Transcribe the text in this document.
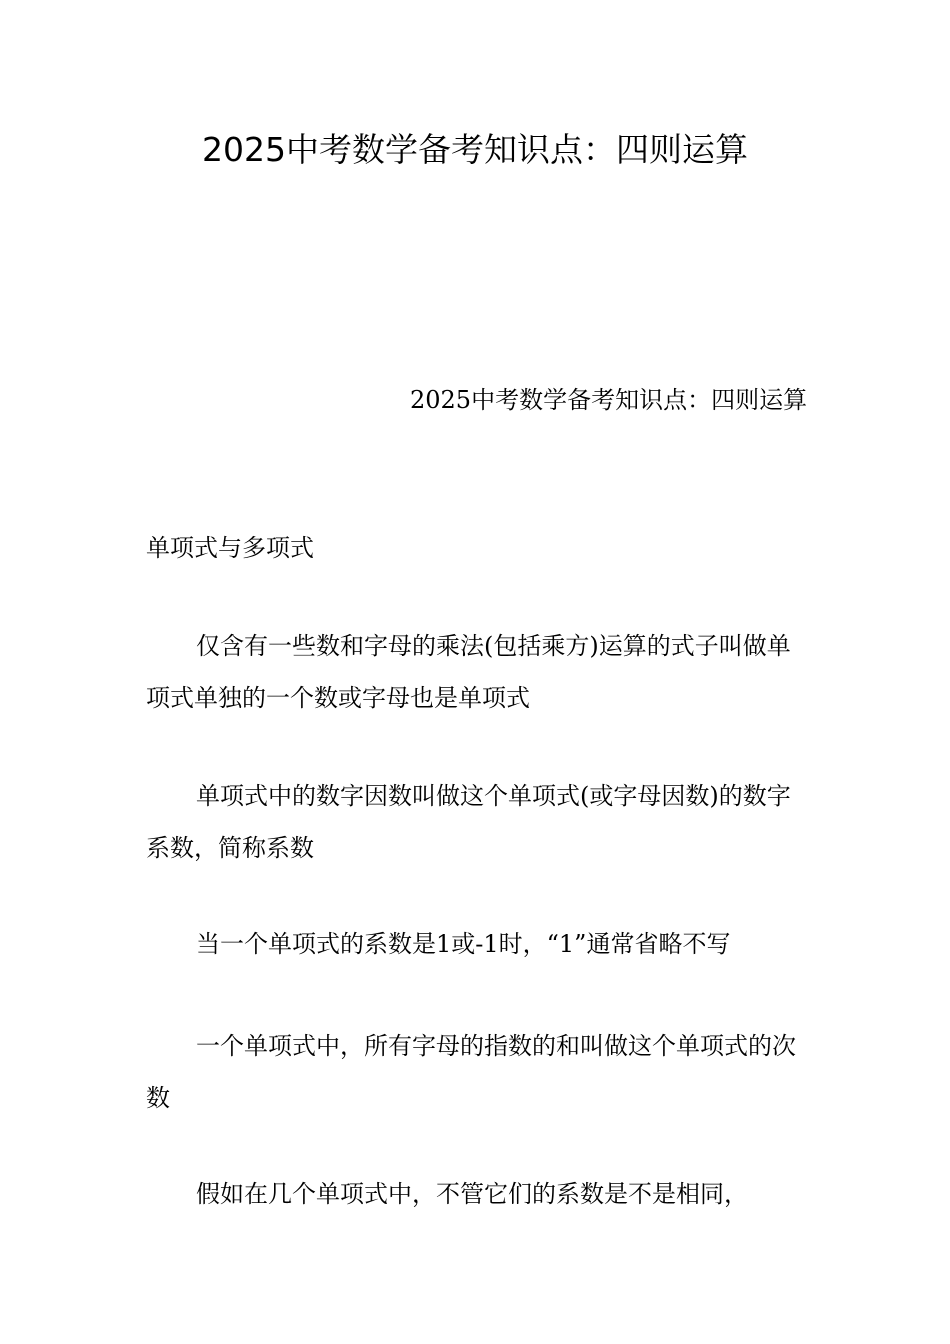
2025中考数学备考知识点：四则运算

2025中考数学备考知识点：四则运算

单项式与多项式

仅含有一些数和字母的乘法(包括乘方)运算的式子叫做单项式单独的一个数或字母也是单项式

单项式中的数字因数叫做这个单项式(或字母因数)的数字系数，简称系数

当一个单项式的系数是1或-1时，“1”通常省略不写

一个单项式中，所有字母的指数的和叫做这个单项式的次数

假如在几个单项式中，不管它们的系数是不是相同，
